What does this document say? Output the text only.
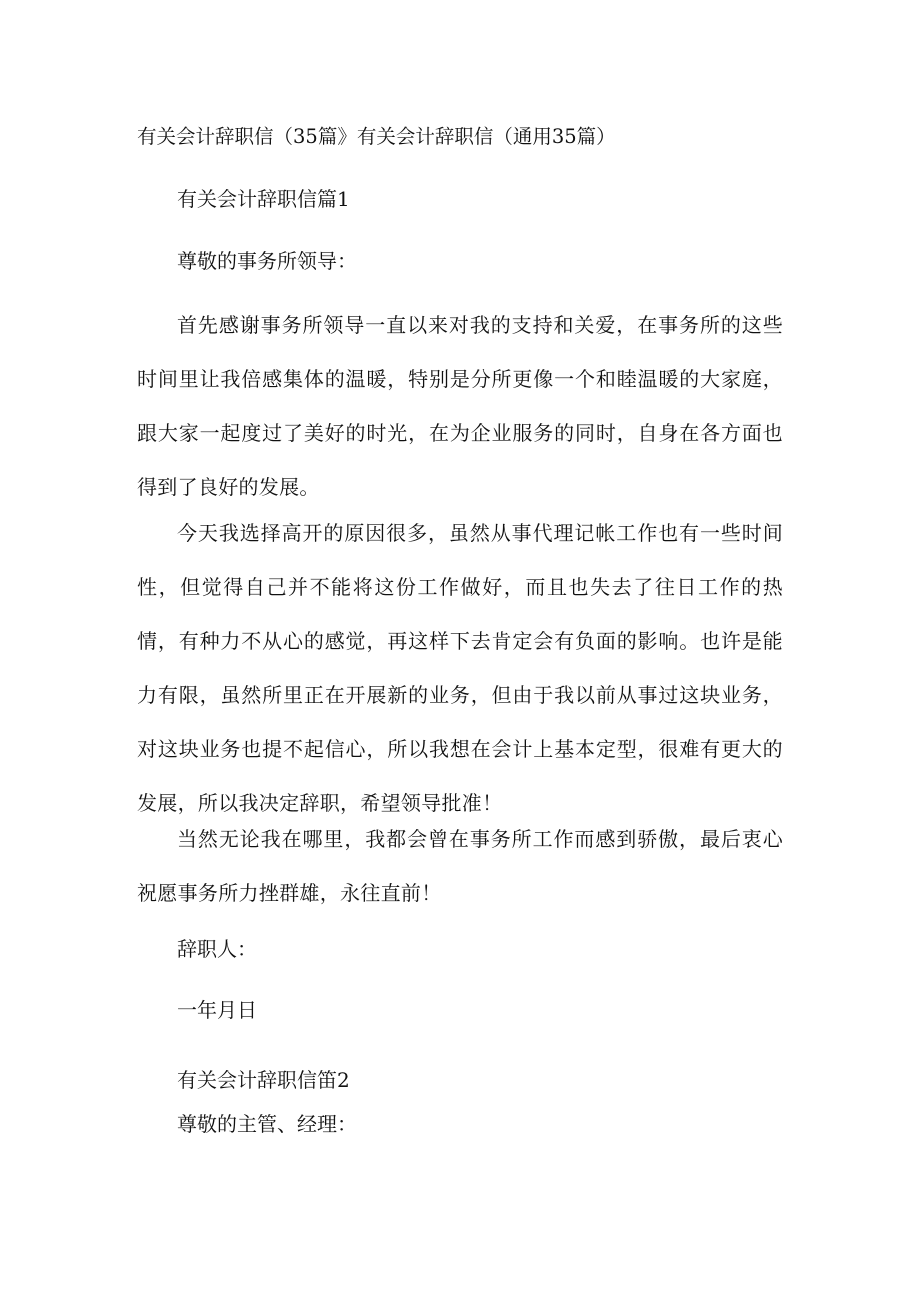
有关会计辞职信（35篇》有关会计辞职信（通用35篇）
有关会计辞职信篇1
尊敬的事务所领导：
首先感谢事务所领导一直以来对我的支持和关爱，在事务所的这些时间里让我倍感集体的温暖，特别是分所更像一个和睦温暖的大家庭，跟大家一起度过了美好的时光，在为企业服务的同时，自身在各方面也得到了良好的发展。
今天我选择高开的原因很多，虽然从事代理记帐工作也有一些时间性，但觉得自己并不能将这份工作做好，而且也失去了往日工作的热情，有种力不从心的感觉，再这样下去肯定会有负面的影响。也许是能力有限，虽然所里正在开展新的业务，但由于我以前从事过这块业务，对这块业务也提不起信心，所以我想在会计上基本定型，很难有更大的发展，所以我决定辞职，希望领导批准！
当然无论我在哪里，我都会曾在事务所工作而感到骄傲，最后衷心祝愿事务所力挫群雄，永往直前！
辞职人：
一年月日
有关会计辞职信笛2
尊敬的主管、经理：
